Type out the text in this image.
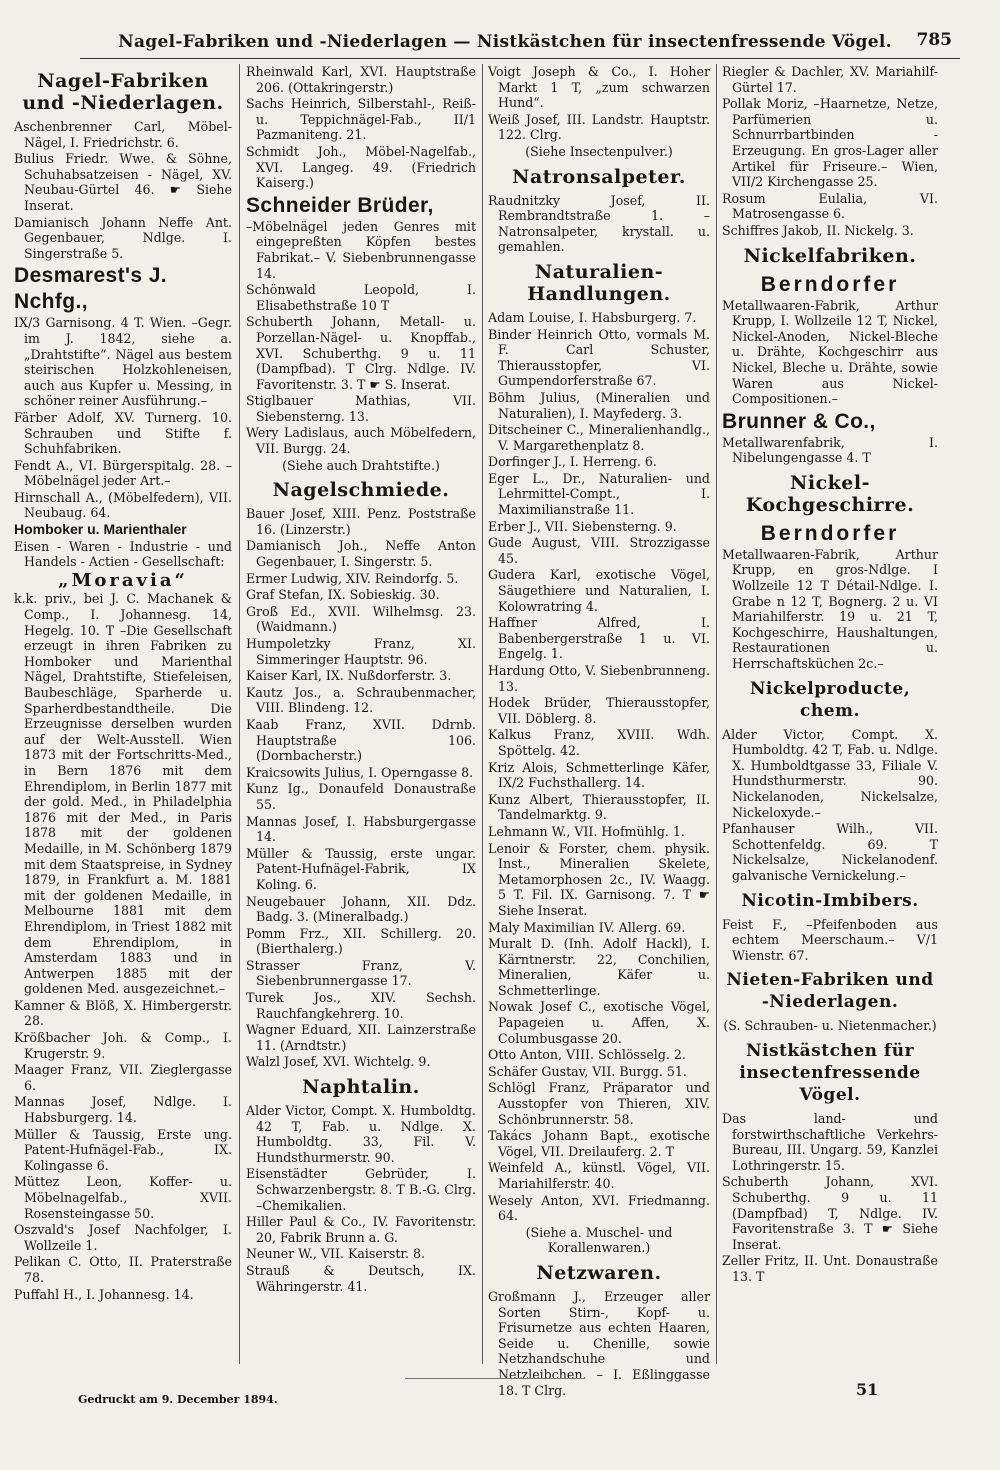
Nagel-Fabriken und -Niederlagen — Nistkästchen für insectenfressende Vögel.	785
Nagel-Fabriken und -Niederlagen.
Aschenbrenner Carl, Möbel-Nägel, I. Friedrichstr. 6.
Bulius Friedr. Wwe. & Söhne, Schuhabsatzeisen - Nägel, XV. Neubau-Gürtel 46. ☛ Siehe Inserat.
Damianisch Johann Neffe Ant. Gegenbauer, Ndlge. I. Singerstraße 5.
Desmarest's J. Nchfg.,
IX/3 Garnisong. 4 T. Wien. –Gegr. im J. 1842, siehe a. „Drahtstifte“. Nägel aus bestem steirischen Holzkohleneisen, auch aus Kupfer u. Messing, in schöner reiner Ausführung.–
Färber Adolf, XV. Turnerg. 10. Schrauben und Stifte f. Schuhfabriken.
Fendt A., VI. Bürgerspitalg. 28. –Möbelnägel jeder Art.–
Hirnschall A., (Möbelfedern), VII. Neubaug. 64.
Homboker u. Marienthaler
Eisen - Waren - Industrie - und Handels - Actien - Gesellschaft:
„Moravia“
k.k. priv., bei J. C. Machanek & Comp., I. Johannesg. 14, Hegelg. 10. T –Die Gesellschaft erzeugt in ihren Fabriken zu Homboker und Marienthal Nägel, Drahtstifte, Stiefeleisen, Baubeschläge, Sparherde u. Sparherdbestandtheile. Die Erzeugnisse derselben wurden auf der Welt-Ausstell. Wien 1873 mit der Fortschritts-Med., in Bern 1876 mit dem Ehrendiplom, in Berlin 1877 mit der gold. Med., in Philadelphia 1876 mit der Med., in Paris 1878 mit der goldenen Medaille, in M. Schönberg 1879 mit dem Staatspreise, in Sydney 1879, in Frankfurt a. M. 1881 mit der goldenen Medaille, in Melbourne 1881 mit dem Ehrendiplom, in Triest 1882 mit dem Ehrendiplom, in Amsterdam 1883 und in Antwerpen 1885 mit der goldenen Med. ausgezeichnet.–
Kamner & Blöß, X. Himbergerstr. 28.
Krößbacher Joh. & Comp., I. Krugerstr. 9.
Maager Franz, VII. Zieglergasse 6.
Mannas Josef, Ndlge. I. Habsburgerg. 14.
Müller & Taussig, Erste ung. Patent-Hufnägel-Fab., IX. Kolingasse 6.
Müttez Leon, Koffer- u. Möbelnagelfab., XVII. Rosensteingasse 50.
Oszvald's Josef Nachfolger, I. Wollzeile 1.
Pelikan C. Otto, II. Praterstraße 78.
Puffahl H., I. Johannesg. 14.
Rheinwald Karl, XVI. Hauptstraße 206. (Ottakringerstr.)
Sachs Heinrich, Silberstahl-, Reiß- u. Teppichnägel-Fab., II/1 Pazmaniteng. 21.
Schmidt Joh., Möbel-Nagelfab., XVI. Langeg. 49. (Friedrich Kaiserg.)
Schneider Brüder,
–Möbelnägel jeden Genres mit eingepreßten Köpfen bestes Fabrikat.– V. Siebenbrunnengasse 14.
Schönwald Leopold, I. Elisabethstraße 10 T
Schuberth Johann, Metall- u. Porzellan-Nägel- u. Knopffab., XVI. Schuberthg. 9 u. 11 (Dampfbad). T Clrg. Ndlge. IV. Favoritenstr. 3. T ☛ S. Inserat.
Stiglbauer Mathias, VII. Siebensterng. 13.
Wery Ladislaus, auch Möbelfedern, VII. Burgg. 24.
(Siehe auch Drahtstifte.)
Nagelschmiede.
Bauer Josef, XIII. Penz. Poststraße 16. (Linzerstr.)
Damianisch Joh., Neffe Anton Gegenbauer, I. Singerstr. 5.
Ermer Ludwig, XIV. Reindorfg. 5.
Graf Stefan, IX. Sobieskig. 30.
Groß Ed., XVII. Wilhelmsg. 23. (Waidmann.)
Humpoletzky Franz, XI. Simmeringer Hauptstr. 96.
Kaiser Karl, IX. Nußdorferstr. 3.
Kautz Jos., a. Schraubenmacher, VIII. Blindeng. 12.
Kaab Franz, XVII. Ddrnb. Hauptstraße 106. (Dornbacherstr.)
Kraicsowits Julius, I. Operngasse 8.
Kunz Ig., Donaufeld Donaustraße 55.
Mannas Josef, I. Habsburgergasse 14.
Müller & Taussig, erste ungar. Patent-Hufnägel-Fabrik, IX Koling. 6.
Neugebauer Johann, XII. Ddz. Badg. 3. (Mineralbadg.)
Pomm Frz., XII. Schillerg. 20. (Bierthalerg.)
Strasser Franz, V. Siebenbrunnergasse 17.
Turek Jos., XIV. Sechsh. Rauchfangkehrerg. 10.
Wagner Eduard, XII. Lainzerstraße 11. (Arndtstr.)
Walzl Josef, XVI. Wichtelg. 9.
Naphtalin.
Alder Victor, Compt. X. Humboldtg. 42 T, Fab. u. Ndlge. X. Humboldtg. 33, Fil. V. Hundsthurmerstr. 90.
Eisenstädter Gebrüder, I. Schwarzenbergstr. 8. T B.-G. Clrg. –Chemikalien.
Hiller Paul & Co., IV. Favoritenstr. 20, Fabrik Brunn a. G.
Neuner W., VII. Kaiserstr. 8.
Strauß & Deutsch, IX. Währingerstr. 41.
Voigt Joseph & Co., I. Hoher Markt 1 T, „zum schwarzen Hund“.
Weiß Josef, III. Landstr. Hauptstr. 122. Clrg.
(Siehe Insectenpulver.)
Natronsalpeter.
Raudnitzky Josef, II. Rembrandtstraße 1. –Natronsalpeter, krystall. u. gemahlen.
Naturalien-Handlungen.
Adam Louise, I. Habsburgerg. 7.
Binder Heinrich Otto, vormals M. F. Carl Schuster, Thierausstopfer, VI. Gumpendorferstraße 67.
Böhm Julius, (Mineralien und Naturalien), I. Mayfederg. 3.
Ditscheiner C., Mineralienhandlg., V. Margarethenplatz 8.
Dorfinger J., I. Herreng. 6.
Eger L., Dr., Naturalien- und Lehrmittel-Compt., I. Maximilianstraße 11.
Erber J., VII. Siebensterng. 9.
Gude August, VIII. Strozzigasse 45.
Gudera Karl, exotische Vögel, Säugethiere und Naturalien, I. Kolowratring 4.
Haffner Alfred, I. Babenbergerstraße 1 u. VI. Engelg. 1.
Hardung Otto, V. Siebenbrunneng. 13.
Hodek Brüder, Thierausstopfer, VII. Döblerg. 8.
Kalkus Franz, XVIII. Wdh. Spöttelg. 42.
Kriz Alois, Schmetterlinge Käfer, IX/2 Fuchsthallerg. 14.
Kunz Albert, Thierausstopfer, II. Tandelmarktg. 9.
Lehmann W., VII. Hofmühlg. 1.
Lenoir & Forster, chem. physik. Inst., Mineralien Skelete, Metamorphosen 2c., IV. Waagg. 5 T. Fil. IX. Garnisong. 7. T ☛ Siehe Inserat.
Maly Maximilian IV. Allerg. 69.
Muralt D. (Inh. Adolf Hackl), I. Kärntnerstr. 22, Conchilien, Mineralien, Käfer u. Schmetterlinge.
Nowak Josef C., exotische Vögel, Papageien u. Affen, X. Columbusgasse 20.
Otto Anton, VIII. Schlösselg. 2.
Schäfer Gustav, VII. Burgg. 51.
Schlögl Franz, Präparator und Ausstopfer von Thieren, XIV. Schönbrunnerstr. 58.
Takács Johann Bapt., exotische Vögel, VII. Dreilauferg. 2. T
Weinfeld A., künstl. Vögel, VII. Mariahilferstr. 40.
Wesely Anton, XVI. Friedmanng. 64.
(Siehe a. Muschel- und Korallenwaren.)
Netzwaren.
Großmann J., Erzeuger aller Sorten Stirn-, Kopf- u. Frisurnetze aus echten Haaren, Seide u. Chenille, sowie Netzhandschuhe und Netzleibchen. – I. Eßlinggasse 18. T Clrg.
Riegler & Dachler, XV. Mariahilf-Gürtel 17.
Pollak Moriz, –Haarnetze, Netze, Parfümerien u. Schnurrbartbinden - Erzeugung. En gros-Lager aller Artikel für Friseure.– Wien, VII/2 Kirchengasse 25.
Rosum Eulalia, VI. Matrosengasse 6.
Schiffres Jakob, II. Nickelg. 3.
Nickelfabriken.
Berndorfer
Metallwaaren-Fabrik, Arthur Krupp, I. Wollzeile 12 T, Nickel, Nickel-Anoden, Nickel-Bleche u. Drähte, Kochgeschirr aus Nickel, Bleche u. Drähte, sowie Waren aus Nickel-Compositionen.–
Brunner & Co.,
Metallwarenfabrik, I. Nibelungengasse 4. T
Nickel-Kochgeschirre.
Berndorfer
Metallwaaren-Fabrik, Arthur Krupp, en gros-Ndlge. I Wollzeile 12 T Détail-Ndlge. I. Grabe n 12 T, Bognerg. 2 u. VI Mariahilferstr. 19 u. 21 T, Kochgeschirre, Haushaltungen, Restaurationen u. Herrschaftsküchen 2c.–
Nickelproducte, chem.
Alder Victor, Compt. X. Humboldtg. 42 T, Fab. u. Ndlge. X. Humboldtgasse 33, Filiale V. Hundsthurmerstr. 90. Nickelanoden, Nickelsalze, Nickeloxyde.–
Pfanhauser Wilh., VII. Schottenfeldg. 69. T Nickelsalze, Nickelanodenf. galvanische Vernickelung.–
Nicotin-Imbibers.
Feist F., –Pfeifenboden aus echtem Meerschaum.– V/1 Wienstr. 67.
Nieten-Fabriken und -Niederlagen.
(S. Schrauben- u. Nietenmacher.)
Nistkästchen für insectenfressende Vögel.
Das land- und forstwirthschaftliche Verkehrs-Bureau, III. Ungarg. 59, Kanzlei Lothringerstr. 15.
Schuberth Johann, XVI. Schuberthg. 9 u. 11 (Dampfbad) T, Ndlge. IV. Favoritenstraße 3. T ☛ Siehe Inserat.
Zeller Fritz, II. Unt. Donaustraße 13. T
Gedruckt am 9. December 1894.
51
